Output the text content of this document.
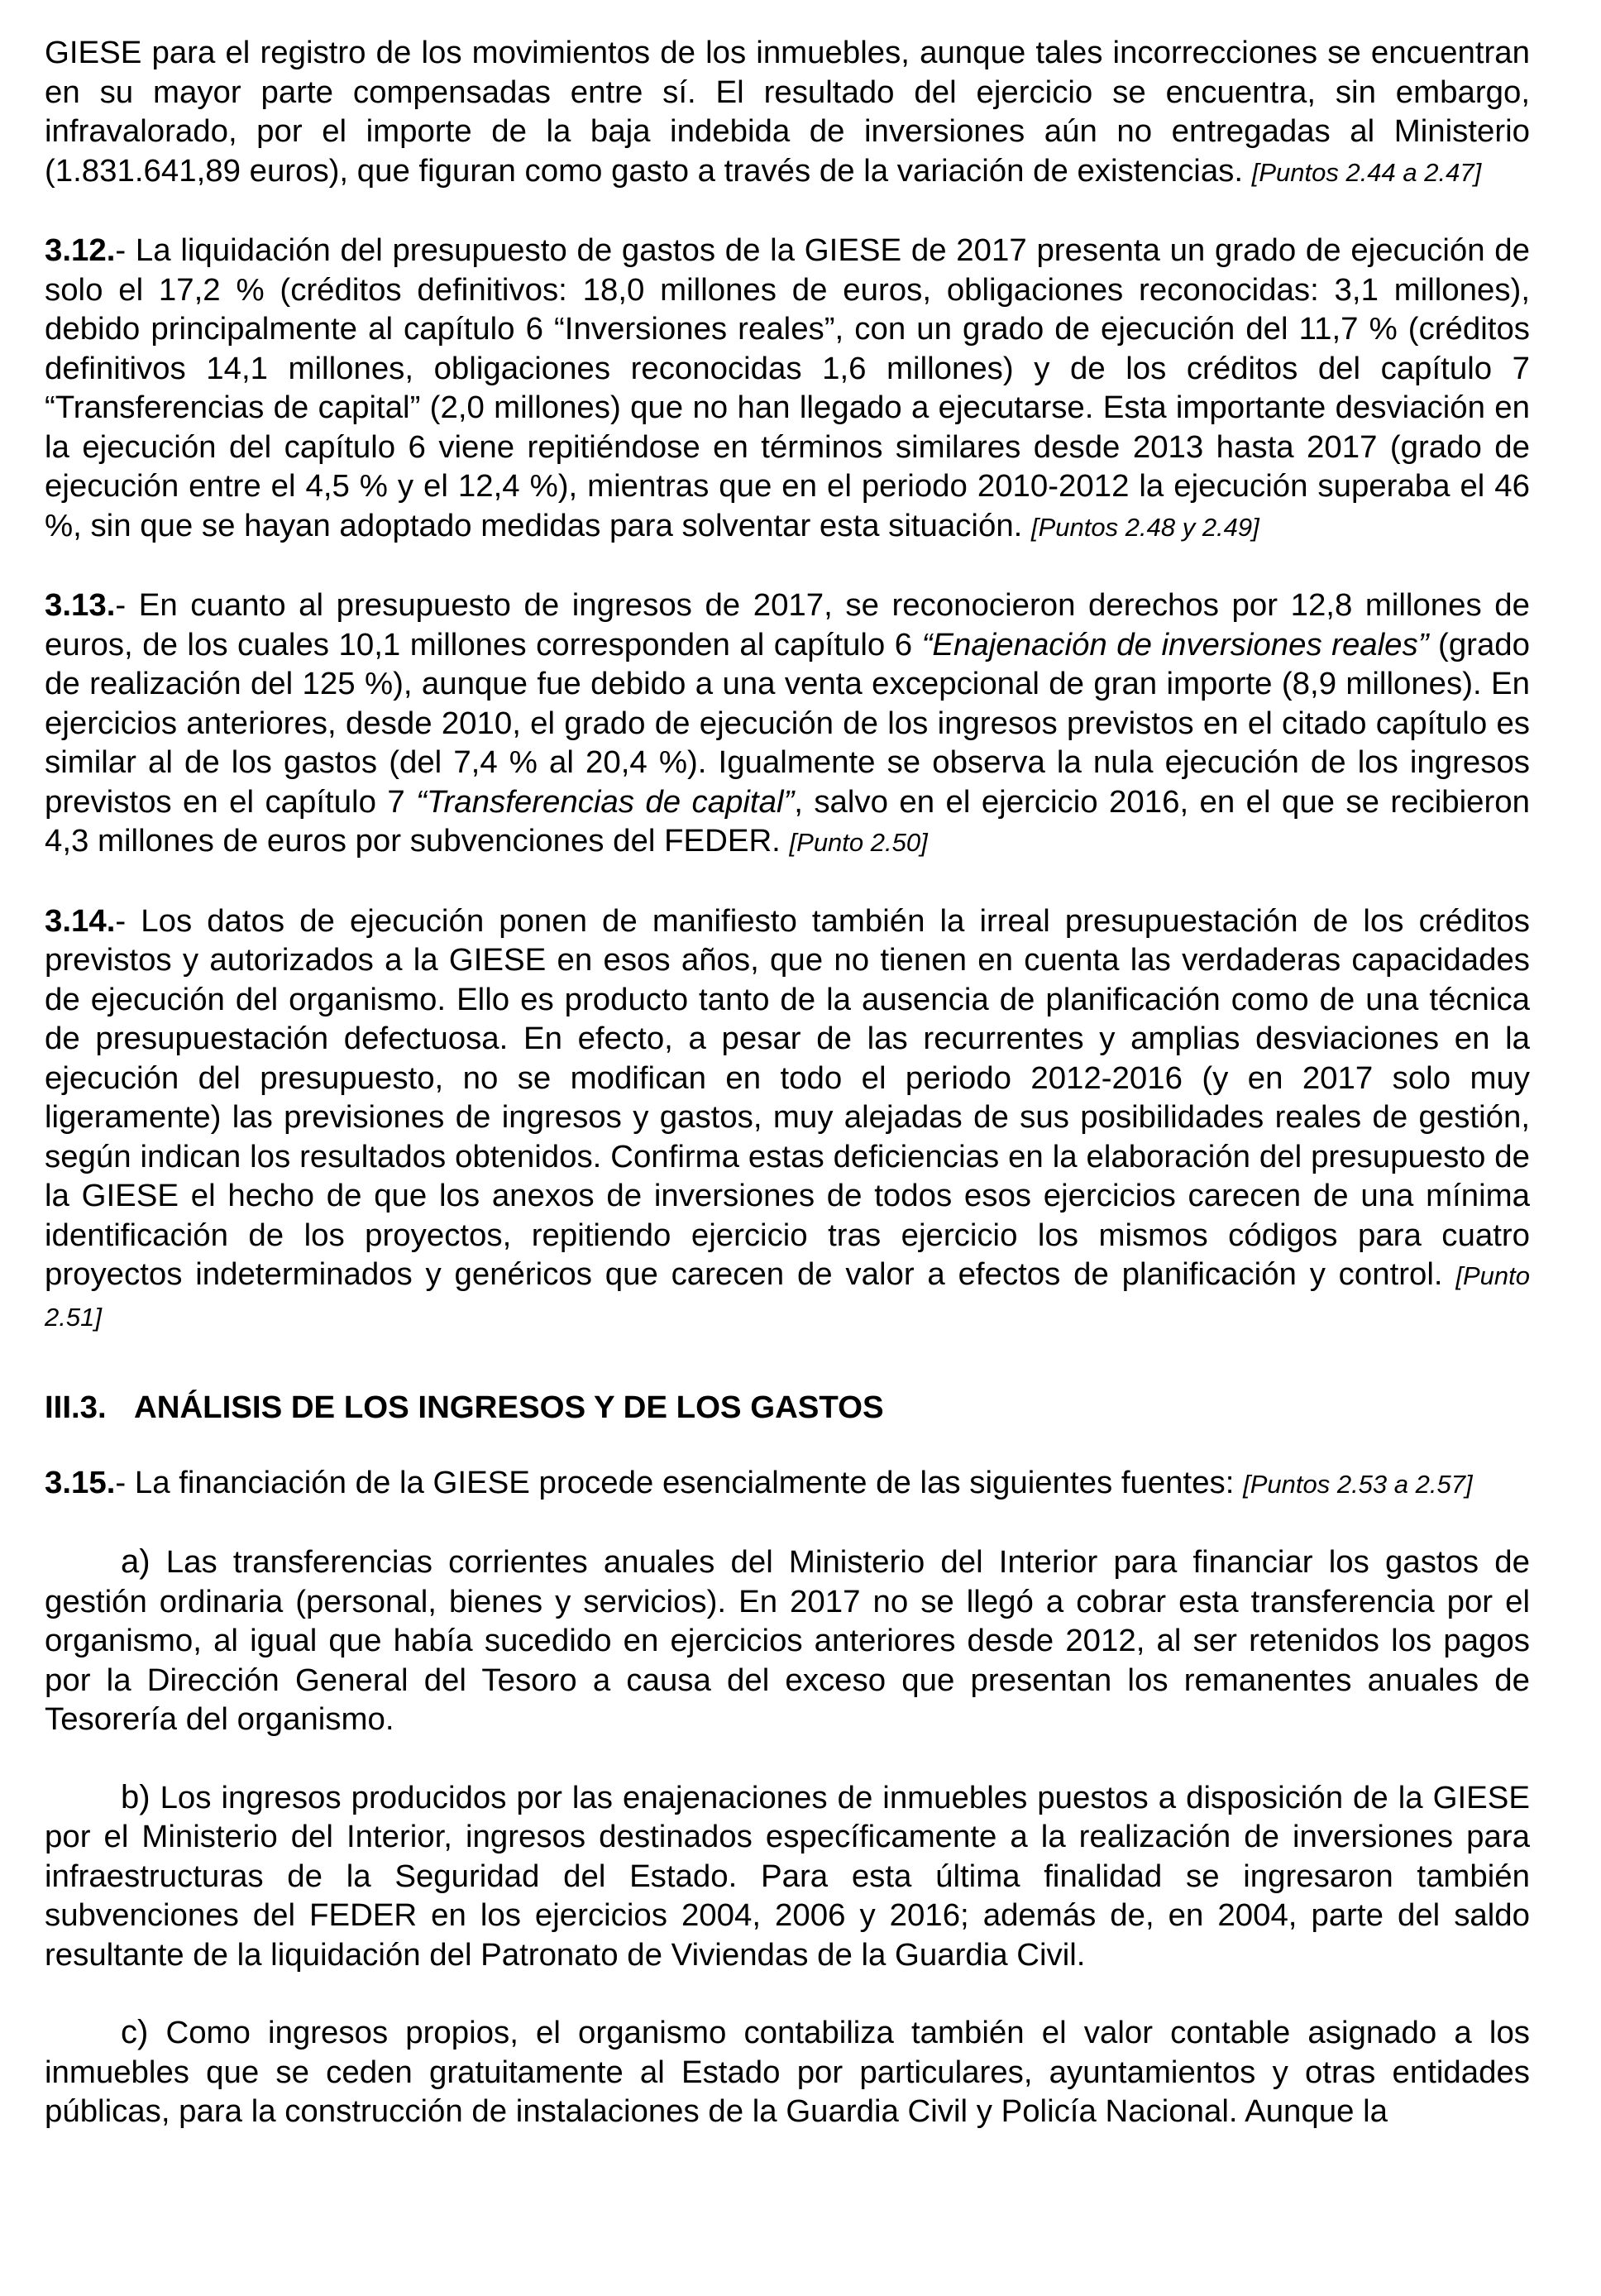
GIESE para el registro de los movimientos de los inmuebles, aunque tales incorrecciones se encuentran en su mayor parte compensadas entre sí. El resultado del ejercicio se encuentra, sin embargo, infravalorado, por el importe de la baja indebida de inversiones aún no entregadas al Ministerio (1.831.641,89 euros), que figuran como gasto a través de la variación de existencias. [Puntos 2.44 a 2.47]

3.12.- La liquidación del presupuesto de gastos de la GIESE de 2017 presenta un grado de ejecución de solo el 17,2 % (créditos definitivos: 18,0 millones de euros, obligaciones reconocidas: 3,1 millones), debido principalmente al capítulo 6 “Inversiones reales”, con un grado de ejecución del 11,7 % (créditos definitivos 14,1 millones, obligaciones reconocidas 1,6 millones) y de los créditos del capítulo 7 “Transferencias de capital” (2,0 millones) que no han llegado a ejecutarse. Esta importante desviación en la ejecución del capítulo 6 viene repitiéndose en términos similares desde 2013 hasta 2017 (grado de ejecución entre el 4,5 % y el 12,4 %), mientras que en el periodo 2010-2012 la ejecución superaba el 46 %, sin que se hayan adoptado medidas para solventar esta situación. [Puntos 2.48 y 2.49]

3.13.- En cuanto al presupuesto de ingresos de 2017, se reconocieron derechos por 12,8 millones de euros, de los cuales 10,1 millones corresponden al capítulo 6 “Enajenación de inversiones reales” (grado de realización del 125 %), aunque fue debido a una venta excepcional de gran importe (8,9 millones). En ejercicios anteriores, desde 2010, el grado de ejecución de los ingresos previstos en el citado capítulo es similar al de los gastos (del 7,4 % al 20,4 %). Igualmente se observa la nula ejecución de los ingresos previstos en el capítulo 7 “Transferencias de capital”, salvo en el ejercicio 2016, en el que se recibieron 4,3 millones de euros por subvenciones del FEDER. [Punto 2.50]

3.14.- Los datos de ejecución ponen de manifiesto también la irreal presupuestación de los créditos previstos y autorizados a la GIESE en esos años, que no tienen en cuenta las verdaderas capacidades de ejecución del organismo. Ello es producto tanto de la ausencia de planificación como de una técnica de presupuestación defectuosa. En efecto, a pesar de las recurrentes y amplias desviaciones en la ejecución del presupuesto, no se modifican en todo el periodo 2012-2016 (y en 2017 solo muy ligeramente) las previsiones de ingresos y gastos, muy alejadas de sus posibilidades reales de gestión, según indican los resultados obtenidos. Confirma estas deficiencias en la elaboración del presupuesto de la GIESE el hecho de que los anexos de inversiones de todos esos ejercicios carecen de una mínima identificación de los proyectos, repitiendo ejercicio tras ejercicio los mismos códigos para cuatro proyectos indeterminados y genéricos que carecen de valor a efectos de planificación y control. [Punto 2.51]

III.3. ANÁLISIS DE LOS INGRESOS Y DE LOS GASTOS

3.15.- La financiación de la GIESE procede esencialmente de las siguientes fuentes: [Puntos 2.53 a 2.57]

a) Las transferencias corrientes anuales del Ministerio del Interior para financiar los gastos de gestión ordinaria (personal, bienes y servicios). En 2017 no se llegó a cobrar esta transferencia por el organismo, al igual que había sucedido en ejercicios anteriores desde 2012, al ser retenidos los pagos por la Dirección General del Tesoro a causa del exceso que presentan los remanentes anuales de Tesorería del organismo.

b) Los ingresos producidos por las enajenaciones de inmuebles puestos a disposición de la GIESE por el Ministerio del Interior, ingresos destinados específicamente a la realización de inversiones para infraestructuras de la Seguridad del Estado. Para esta última finalidad se ingresaron también subvenciones del FEDER en los ejercicios 2004, 2006 y 2016; además de, en 2004, parte del saldo resultante de la liquidación del Patronato de Viviendas de la Guardia Civil.

c) Como ingresos propios, el organismo contabiliza también el valor contable asignado a los inmuebles que se ceden gratuitamente al Estado por particulares, ayuntamientos y otras entidades públicas, para la construcción de instalaciones de la Guardia Civil y Policía Nacional. Aunque la
